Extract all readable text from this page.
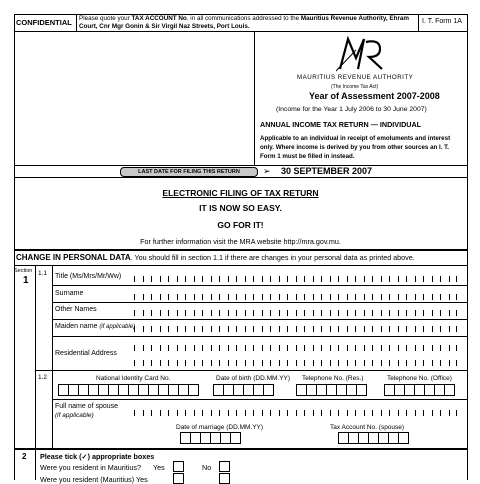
CONFIDENTIAL Please quote your TAX ACCOUNT No. in all communications addressed to the Mauritius Revenue Authority, Ehram Court, Cnr Mgr Gonin & Sir Virgil Naz Streets, Port Louis.
I. T. Form 1A
MAURITIUS REVENUE AUTHORITY
(The Income Tax Act)
Year of Assessment 2007-2008
(Income for the Year 1 July 2006 to 30 June 2007)
ANNUAL INCOME TAX RETURN — INDIVIDUAL
Applicable to an individual in receipt of emoluments and interest only. Where income is derived by you from other sources an I. T. Form 1 must be filled in instead.
LAST DATE FOR FILING THIS RETURN	➢ 30 SEPTEMBER 2007
ELECTRONIC FILING OF TAX RETURN
IT IS NOW SO EASY.
GO FOR IT!
For further information visit the MRA website http://mra.gov.mu.
CHANGE IN PERSONAL DATA. You should fill in section 1.1 if there are changes in your personal data as printed above.
Section
1
1.1 Title (Ms/Mrs/Mr/Ww)
Surname
Other Names
Maiden name (if applicable)
Residential Address
1.2	National Identity Card No.	Date of birth (DD.MM.YY) Telephone No. (Res.)	Telephone No. (Office)
Full name of spouse
(if applicable)
Date of marriage (DD.MM.YY)	Tax Account No. (spouse)
2 Please tick (✓) appropriate boxes
Were you resident in Mauritius? Yes	No
Were you resident (Mauritius) Yes
